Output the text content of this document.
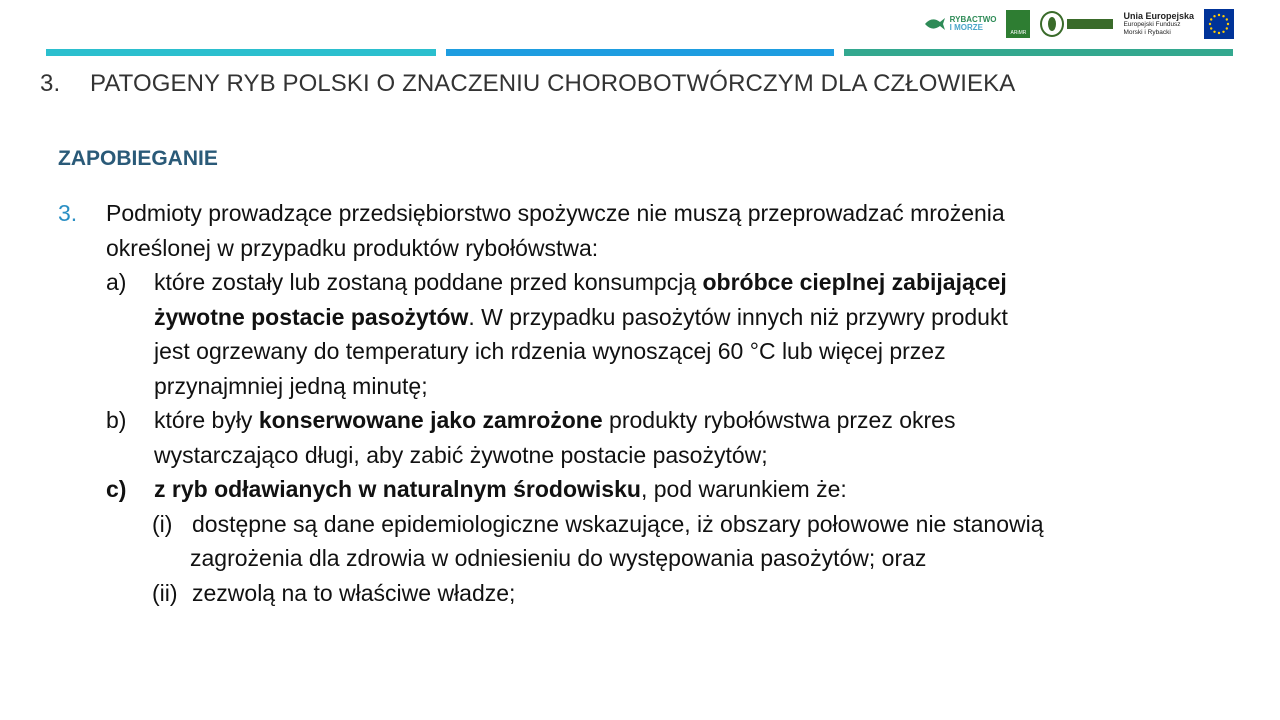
RYBACTWO
I MORZE
ARiMR
Unia Europejska
Europejski Fundusz
Morski i Rybacki
3. PATOGENY RYB POLSKI O ZNACZENIU CHOROBOTWÓRCZYM DLA CZŁOWIEKA
ZAPOBIEGANIE
3. Podmioty prowadzące przedsiębiorstwo spożywcze nie muszą przeprowadzać mrożenia
określonej w przypadku produktów rybołówstwa:
a) które zostały lub zostaną poddane przed konsumpcją obróbce cieplnej zabijającej
żywotne postacie pasożytów. W przypadku pasożytów innych niż przywry produkt
jest ogrzewany do temperatury ich rdzenia wynoszącej 60 °C lub więcej przez
przynajmniej jedną minutę;
b) które były konserwowane jako zamrożone produkty rybołówstwa przez okres
wystarczająco długi, aby zabić żywotne postacie pasożytów;
c) z ryb odławianych w naturalnym środowisku, pod warunkiem że:
(i) dostępne są dane epidemiologiczne wskazujące, iż obszary połowowe nie stanowią
zagrożenia dla zdrowia w odniesieniu do występowania pasożytów; oraz
(ii) zezwolą na to właściwe władze;
